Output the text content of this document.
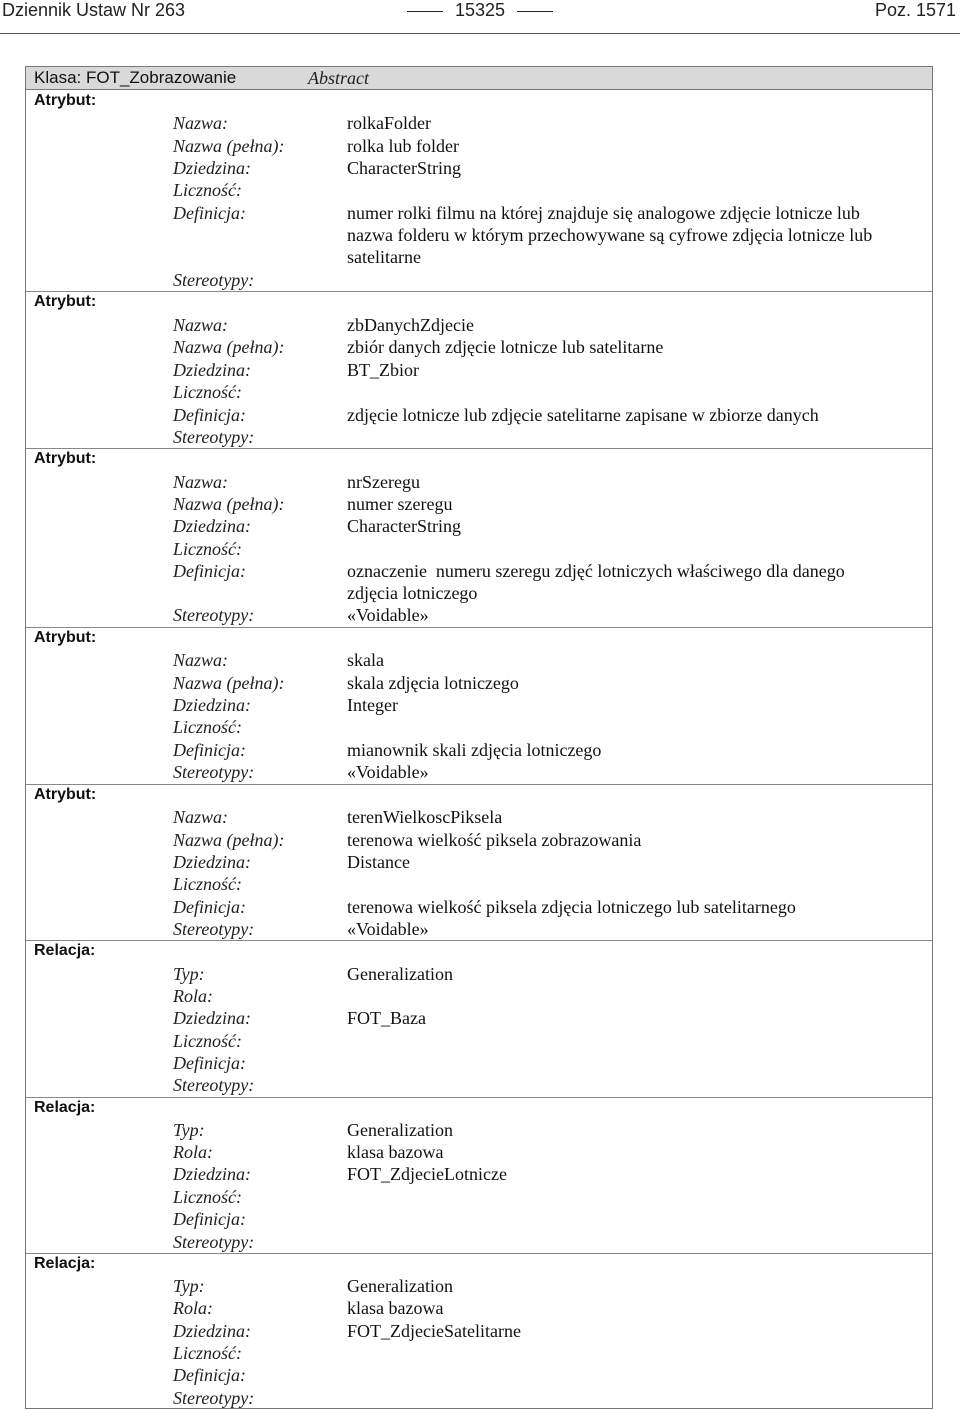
Dziennik Ustaw Nr 263	15325	Poz. 1571
Klasa: FOT_Zobrazowanie	Abstract
Atrybut:
Nazwa:	rolkaFolder
Nazwa (pełna):	rolka lub folder
Dziedzina:	CharacterString
Liczność:
Definicja:	numer rolki filmu na której znajduje się analogowe zdjęcie lotnicze lub
nazwa folderu w którym przechowywane są cyfrowe zdjęcia lotnicze lub
satelitarne
Stereotypy:
Atrybut:
Nazwa:	zbDanychZdjecie
Nazwa (pełna):	zbiór danych zdjęcie lotnicze lub satelitarne
Dziedzina:	BT_Zbior
Liczność:
Definicja:	zdjęcie lotnicze lub zdjęcie satelitarne zapisane w zbiorze danych
Stereotypy:
Atrybut:
Nazwa:	nrSzeregu
Nazwa (pełna):	numer szeregu
Dziedzina:	CharacterString
Liczność:
Definicja:	oznaczenie  numeru szeregu zdjęć lotniczych właściwego dla danego
zdjęcia lotniczego
Stereotypy:	«Voidable»
Atrybut:
Nazwa:	skala
Nazwa (pełna):	skala zdjęcia lotniczego
Dziedzina:	Integer
Liczność:
Definicja:	mianownik skali zdjęcia lotniczego
Stereotypy:	«Voidable»
Atrybut:
Nazwa:	terenWielkoscPiksela
Nazwa (pełna):	terenowa wielkość piksela zobrazowania
Dziedzina:	Distance
Liczność:
Definicja:	terenowa wielkość piksela zdjęcia lotniczego lub satelitarnego
Stereotypy:	«Voidable»
Relacja:
Typ:	Generalization
Rola:
Dziedzina:	FOT_Baza
Liczność:
Definicja:
Stereotypy:
Relacja:
Typ:	Generalization
Rola:	klasa bazowa
Dziedzina:	FOT_ZdjecieLotnicze
Liczność:
Definicja:
Stereotypy:
Relacja:
Typ:	Generalization
Rola:	klasa bazowa
Dziedzina:	FOT_ZdjecieSatelitarne
Liczność:
Definicja:
Stereotypy:
